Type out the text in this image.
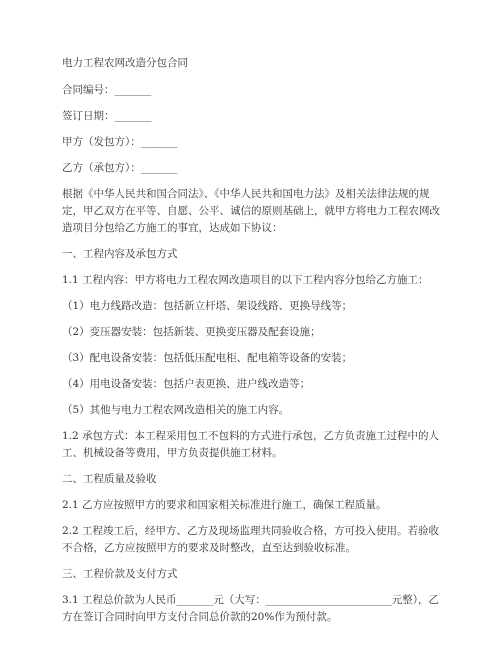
电力工程农网改造分包合同

合同编号：_______

签订日期：_______

甲方（发包方）：_______

乙方（承包方）：_______

根据《中华人民共和国合同法》、《中华人民共和国电力法》及相关法律法规的规定，甲乙双方在平等、自愿、公平、诚信的原则基础上，就甲方将电力工程农网改造项目分包给乙方施工的事宜，达成如下协议：

一、工程内容及承包方式

1.1 工程内容：甲方将电力工程农网改造项目的以下工程内容分包给乙方施工：

（1）电力线路改造：包括新立杆塔、架设线路、更换导线等；

（2）变压器安装：包括新装、更换变压器及配套设施；

（3）配电设备安装：包括低压配电柜、配电箱等设备的安装；

（4）用电设备安装：包括户表更换、进户线改造等；

（5）其他与电力工程农网改造相关的施工内容。

1.2 承包方式：本工程采用包工不包料的方式进行承包，乙方负责施工过程中的人工、机械设备等费用，甲方负责提供施工材料。

二、工程质量及验收

2.1 乙方应按照甲方的要求和国家相关标准进行施工，确保工程质量。

2.2 工程竣工后，经甲方、乙方及现场监理共同验收合格，方可投入使用。若验收不合格，乙方应按照甲方的要求及时整改，直至达到验收标准。

三、工程价款及支付方式

3.1 工程总价款为人民币_______元（大写：________________________元整），乙方在签订合同时向甲方支付合同总价款的20%作为预付款。
